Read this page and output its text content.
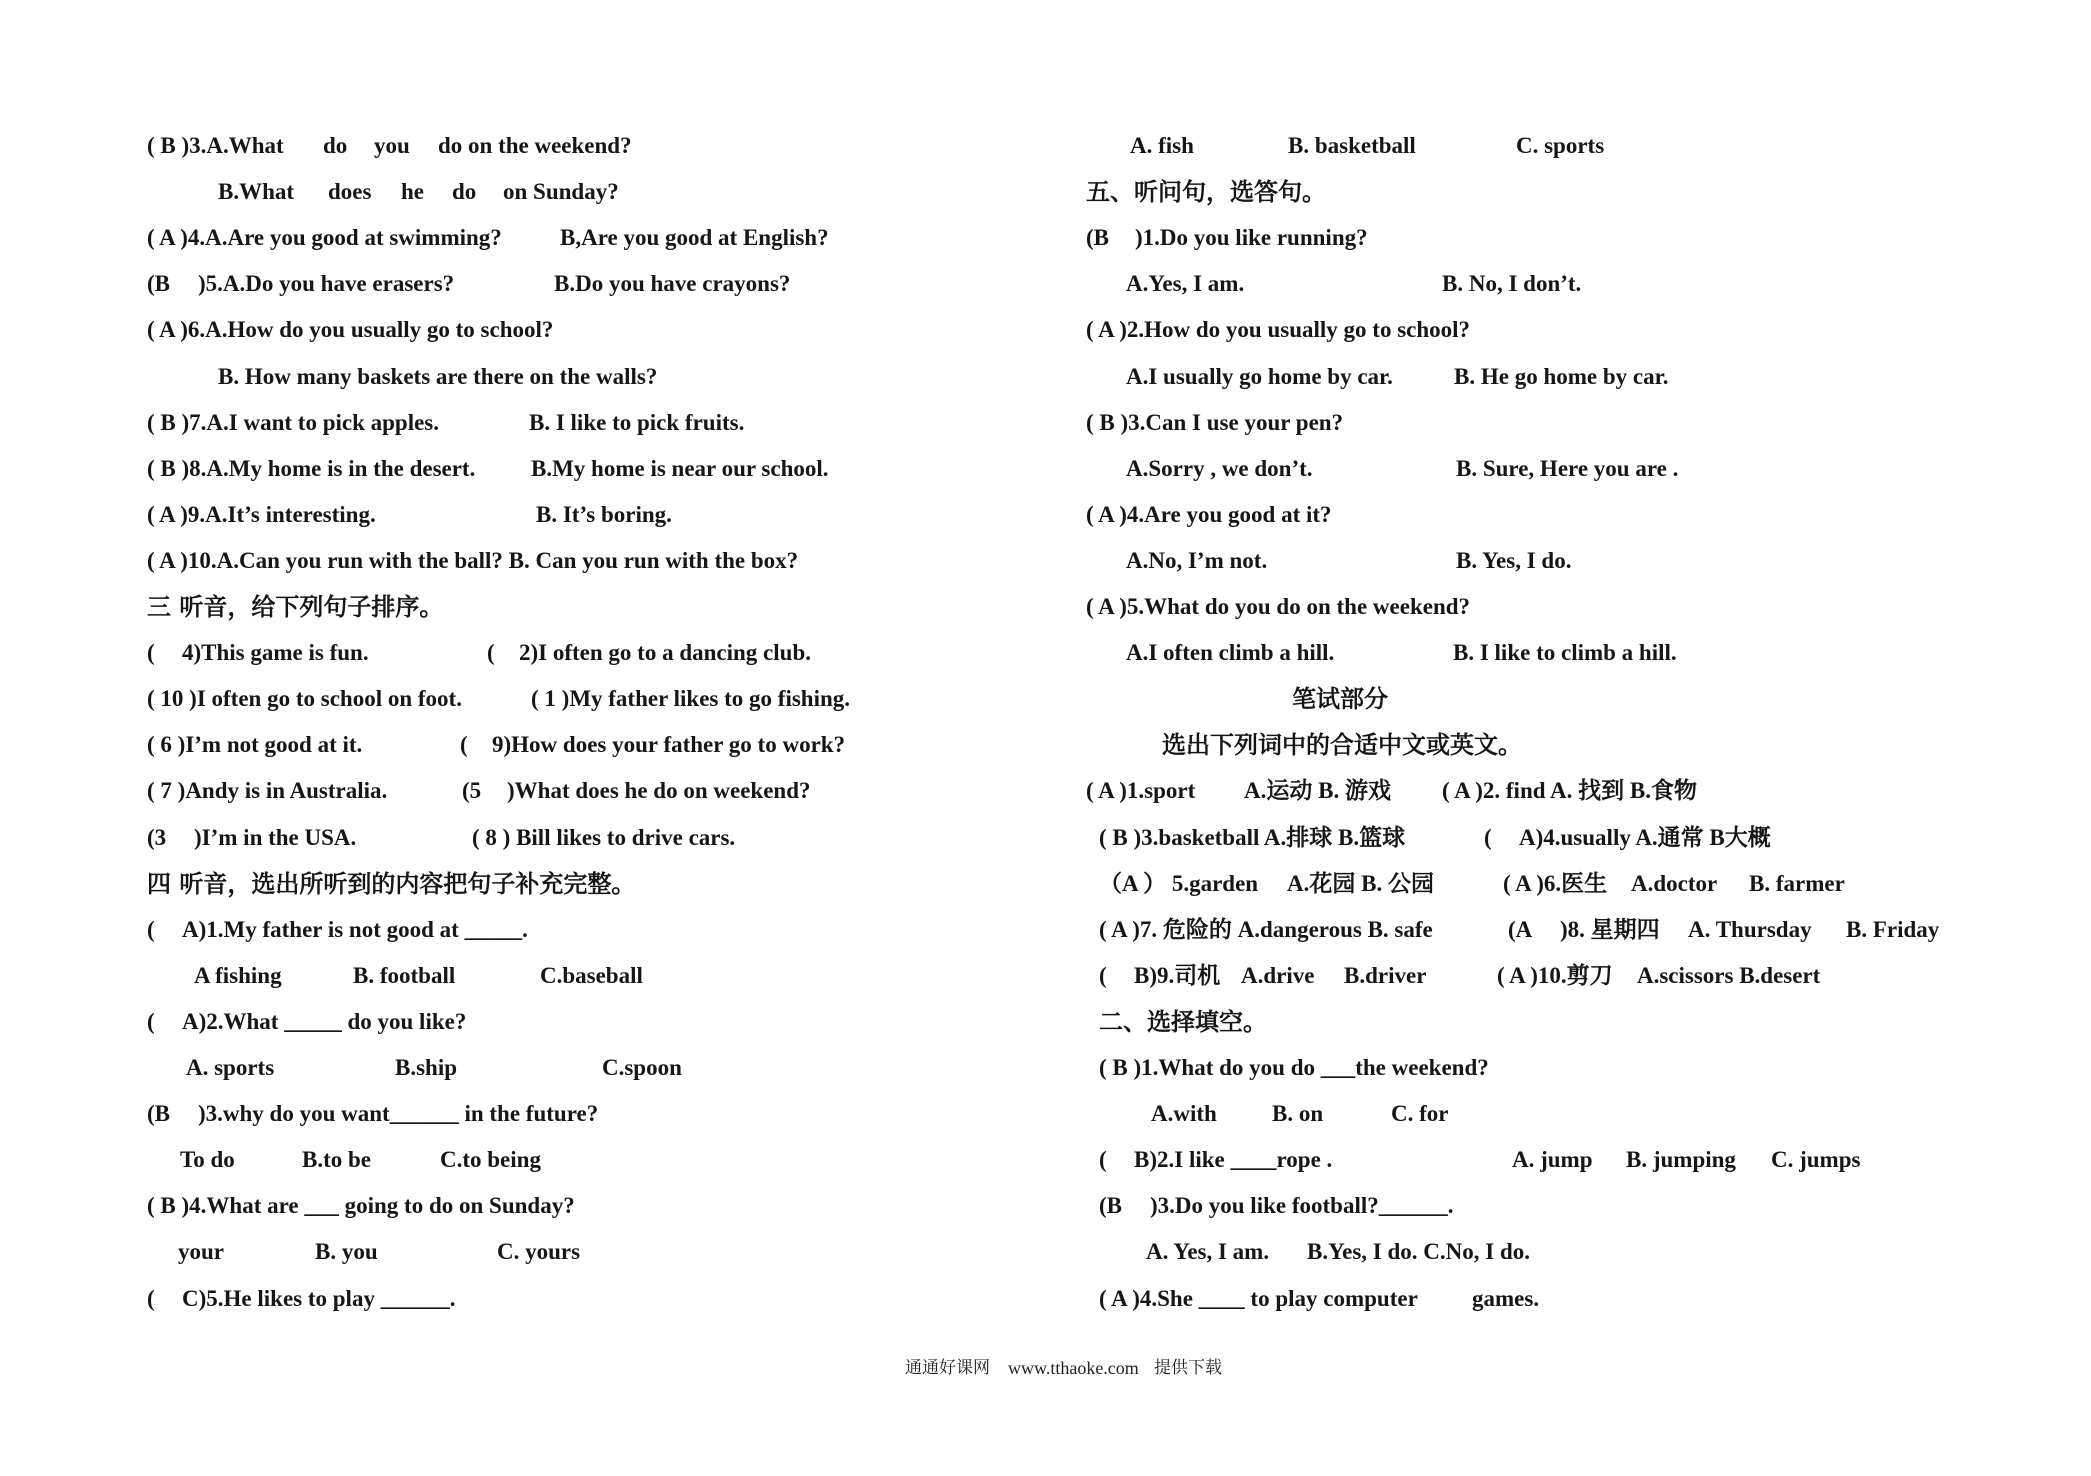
( B )3.A.What do you do on the weekend?
B.What does he do on Sunday?
( A )4.A.Are you good at swimming?	B,Are you good at English?
(B )5.A.Do you have erasers?	B.Do you have crayons?
( A )6.A.How do you usually go to school?
B. How many baskets are there on the walls?
( B )7.A.I want to pick apples.	B. I like to pick fruits.
( B )8.A.My home is in the desert. B.My home is near our school.
( A )9.A.It’s interesting.	B. It’s boring.
( A )10.A.Can you run with the ball? B. Can you run with the box?
三 听音，给下列句子排序。
( 4)This game is fun.	( 2)I often go to a dancing club.
( 10 )I often go to school on foot.	( 1 )My father likes to go fishing.
( 6 )I’m not good at it.	( 9)How does your father go to work?
( 7 )Andy is in Australia.	(5 )What does he do on weekend?
(3 )I’m in the USA.	( 8 ) Bill likes to drive cars.
四 听音，选出所听到的内容把句子补充完整。
( A)1.My father is not good at _____.
A fishing	B. football	C.baseball
( A)2.What _____ do you like?
A. sports	B.ship	C.spoon
(B )3.why do you want______ in the future?
To do	B.to be	C.to being
( B )4.What are ___ going to do on Sunday?
your	B. you	C. yours
( C)5.He likes to play ______.
A. fish	B. basketball	C. sports
五、听问句，选答句。
(B )1.Do you like running?
A.Yes, I am.	B. No, I don’t.
( A )2.How do you usually go to school?
A.I usually go home by car.	B. He go home by car.
( B )3.Can I use your pen?
A.Sorry , we don’t.	B. Sure, Here you are .
( A )4.Are you good at it?
A.No, I’m not.	B. Yes, I do.
( A )5.What do you do on the weekend?
A.I often climb a hill.	B. I like to climb a hill.
笔试部分
选出下列词中的合适中文或英文。
( A )1.sport A.运动 B. 游戏 ( A )2. find A. 找到 B.食物
( B )3.basketball A.排球 B.篮球	( A)4.usually A.通常 B大概
（A ） 5.garden A.花园 B. 公园	( A )6.医生 A.doctor B. farmer
( A )7. 危险的 A.dangerous B. safe	(A )8. 星期四 A. Thursday B. Friday
( B)9.司机 A.drive B.driver	( A )10.剪刀 A.scissors B.desert
二、选择填空。
( B )1.What do you do ___the weekend?
A.with B. on	C. for
( B)2.I like ____rope .	A. jump B. jumping C. jumps
(B )3.Do you like football?______.
A. Yes, I am. B.Yes, I do. C.No, I do.
( A )4.She ____ to play computer games.
通通好课网 www.tthaoke.com 提供下载
